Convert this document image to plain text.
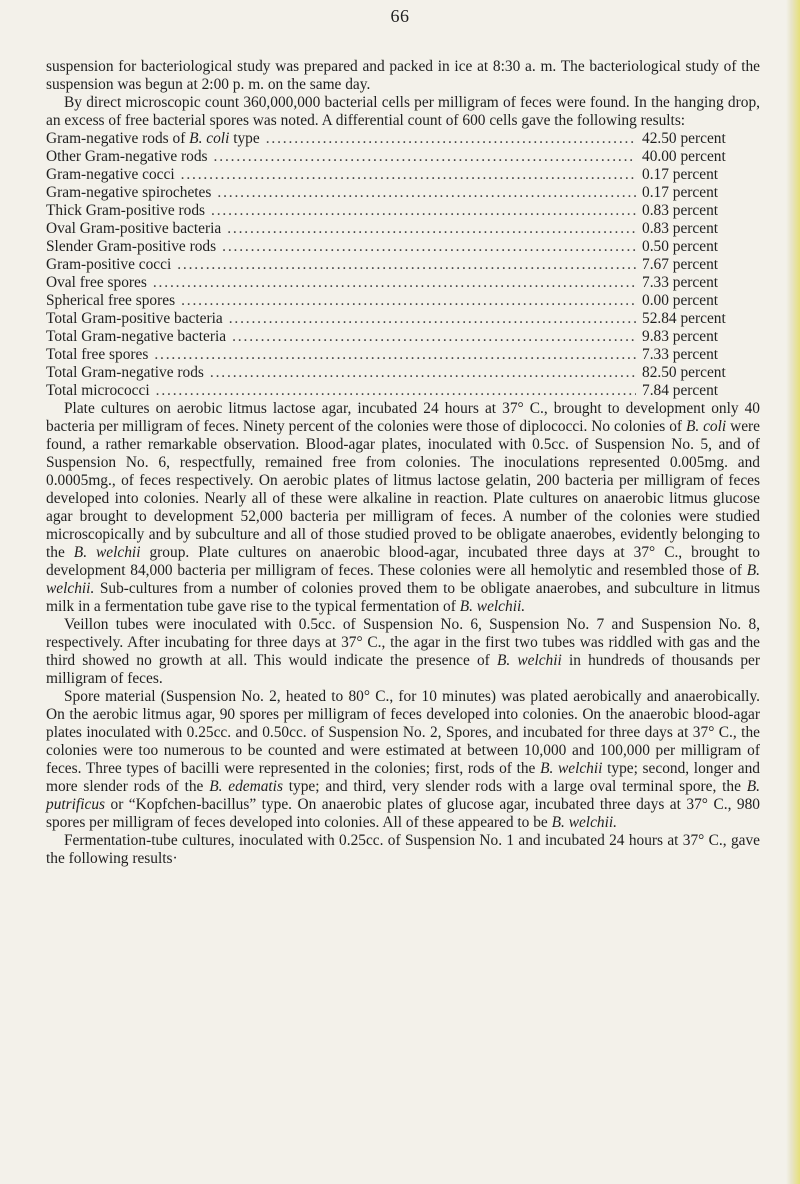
66

suspension for bacteriological study was prepared and packed in ice at 8:30 a. m. The bacteriological study of the suspension was begun at 2:00 p. m. on the same day.

By direct microscopic count 360,000,000 bacterial cells per milligram of feces were found. In the hanging drop, an excess of free bacterial spores was noted. A differential count of 600 cells gave the following results:

Gram-negative rods of B. coli type . . .	42.50 percent
Other Gram-negative rods . . .	40.00 percent
Gram-negative cocci . . .	0.17 percent
Gram-negative spirochetes . . .	0.17 percent
Thick Gram-positive rods . . .	0.83 percent
Oval Gram-positive bacteria . . .	0.83 percent
Slender Gram-positive rods . . .	0.50 percent
Gram-positive cocci . . .	7.67 percent
Oval free spores . . .	7.33 percent
Spherical free spores . . .	0.00 percent
Total Gram-positive bacteria . . .	52.84 percent
Total Gram-negative bacteria . . .	9.83 percent
Total free spores . . .	7.33 percent
Total Gram-negative rods . . .	82.50 percent
Total micrococci . . .	7.84 percent

Plate cultures on aerobic litmus lactose agar, incubated 24 hours at 37° C., brought to development only 40 bacteria per milligram of feces. Ninety percent of the colonies were those of diplococci. No colonies of B. coli were found, a rather remarkable observation. Blood-agar plates, inoculated with 0.5cc. of Suspension No. 5, and of Suspension No. 6, respectfully, remained free from colonies. The inoculations represented 0.005mg. and 0.0005mg., of feces respectively. On aerobic plates of litmus lactose gelatin, 200 bacteria per milligram of feces developed into colonies. Nearly all of these were alkaline in reaction. Plate cultures on anaerobic litmus glucose agar brought to development 52,000 bacteria per milligram of feces. A number of the colonies were studied microscopically and by subculture and all of those studied proved to be obligate anaerobes, evidently belonging to the B. welchii group. Plate cultures on anaerobic blood-agar, incubated three days at 37° C., brought to development 84,000 bacteria per milligram of feces. These colonies were all hemolytic and resembled those of B. welchii. Sub-cultures from a number of colonies proved them to be obligate anaerobes, and subculture in litmus milk in a fermentation tube gave rise to the typical fermentation of B. welchii.

Veillon tubes were inoculated with 0.5cc. of Suspension No. 6, Suspension No. 7 and Suspension No. 8, respectively. After incubating for three days at 37° C., the agar in the first two tubes was riddled with gas and the third showed no growth at all. This would indicate the presence of B. welchii in hundreds of thousands per milligram of feces.

Spore material (Suspension No. 2, heated to 80° C., for 10 minutes) was plated aerobically and anaerobically. On the aerobic litmus agar, 90 spores per milligram of feces developed into colonies. On the anaerobic blood-agar plates inoculated with 0.25cc. and 0.50cc. of Suspension No. 2, Spores, and incubated for three days at 37° C., the colonies were too numerous to be counted and were estimated at between 10,000 and 100,000 per milligram of feces. Three types of bacilli were represented in the colonies; first, rods of the B. welchii type; second, longer and more slender rods of the B. edematis type; and third, very slender rods with a large oval terminal spore, the B. putrificus or “Kopfchen-bacillus” type. On anaerobic plates of glucose agar, incubated three days at 37° C., 980 spores per milligram of feces developed into colonies. All of these appeared to be B. welchii.

Fermentation-tube cultures, inoculated with 0.25cc. of Suspension No. 1 and incubated 24 hours at 37° C., gave the following results·
